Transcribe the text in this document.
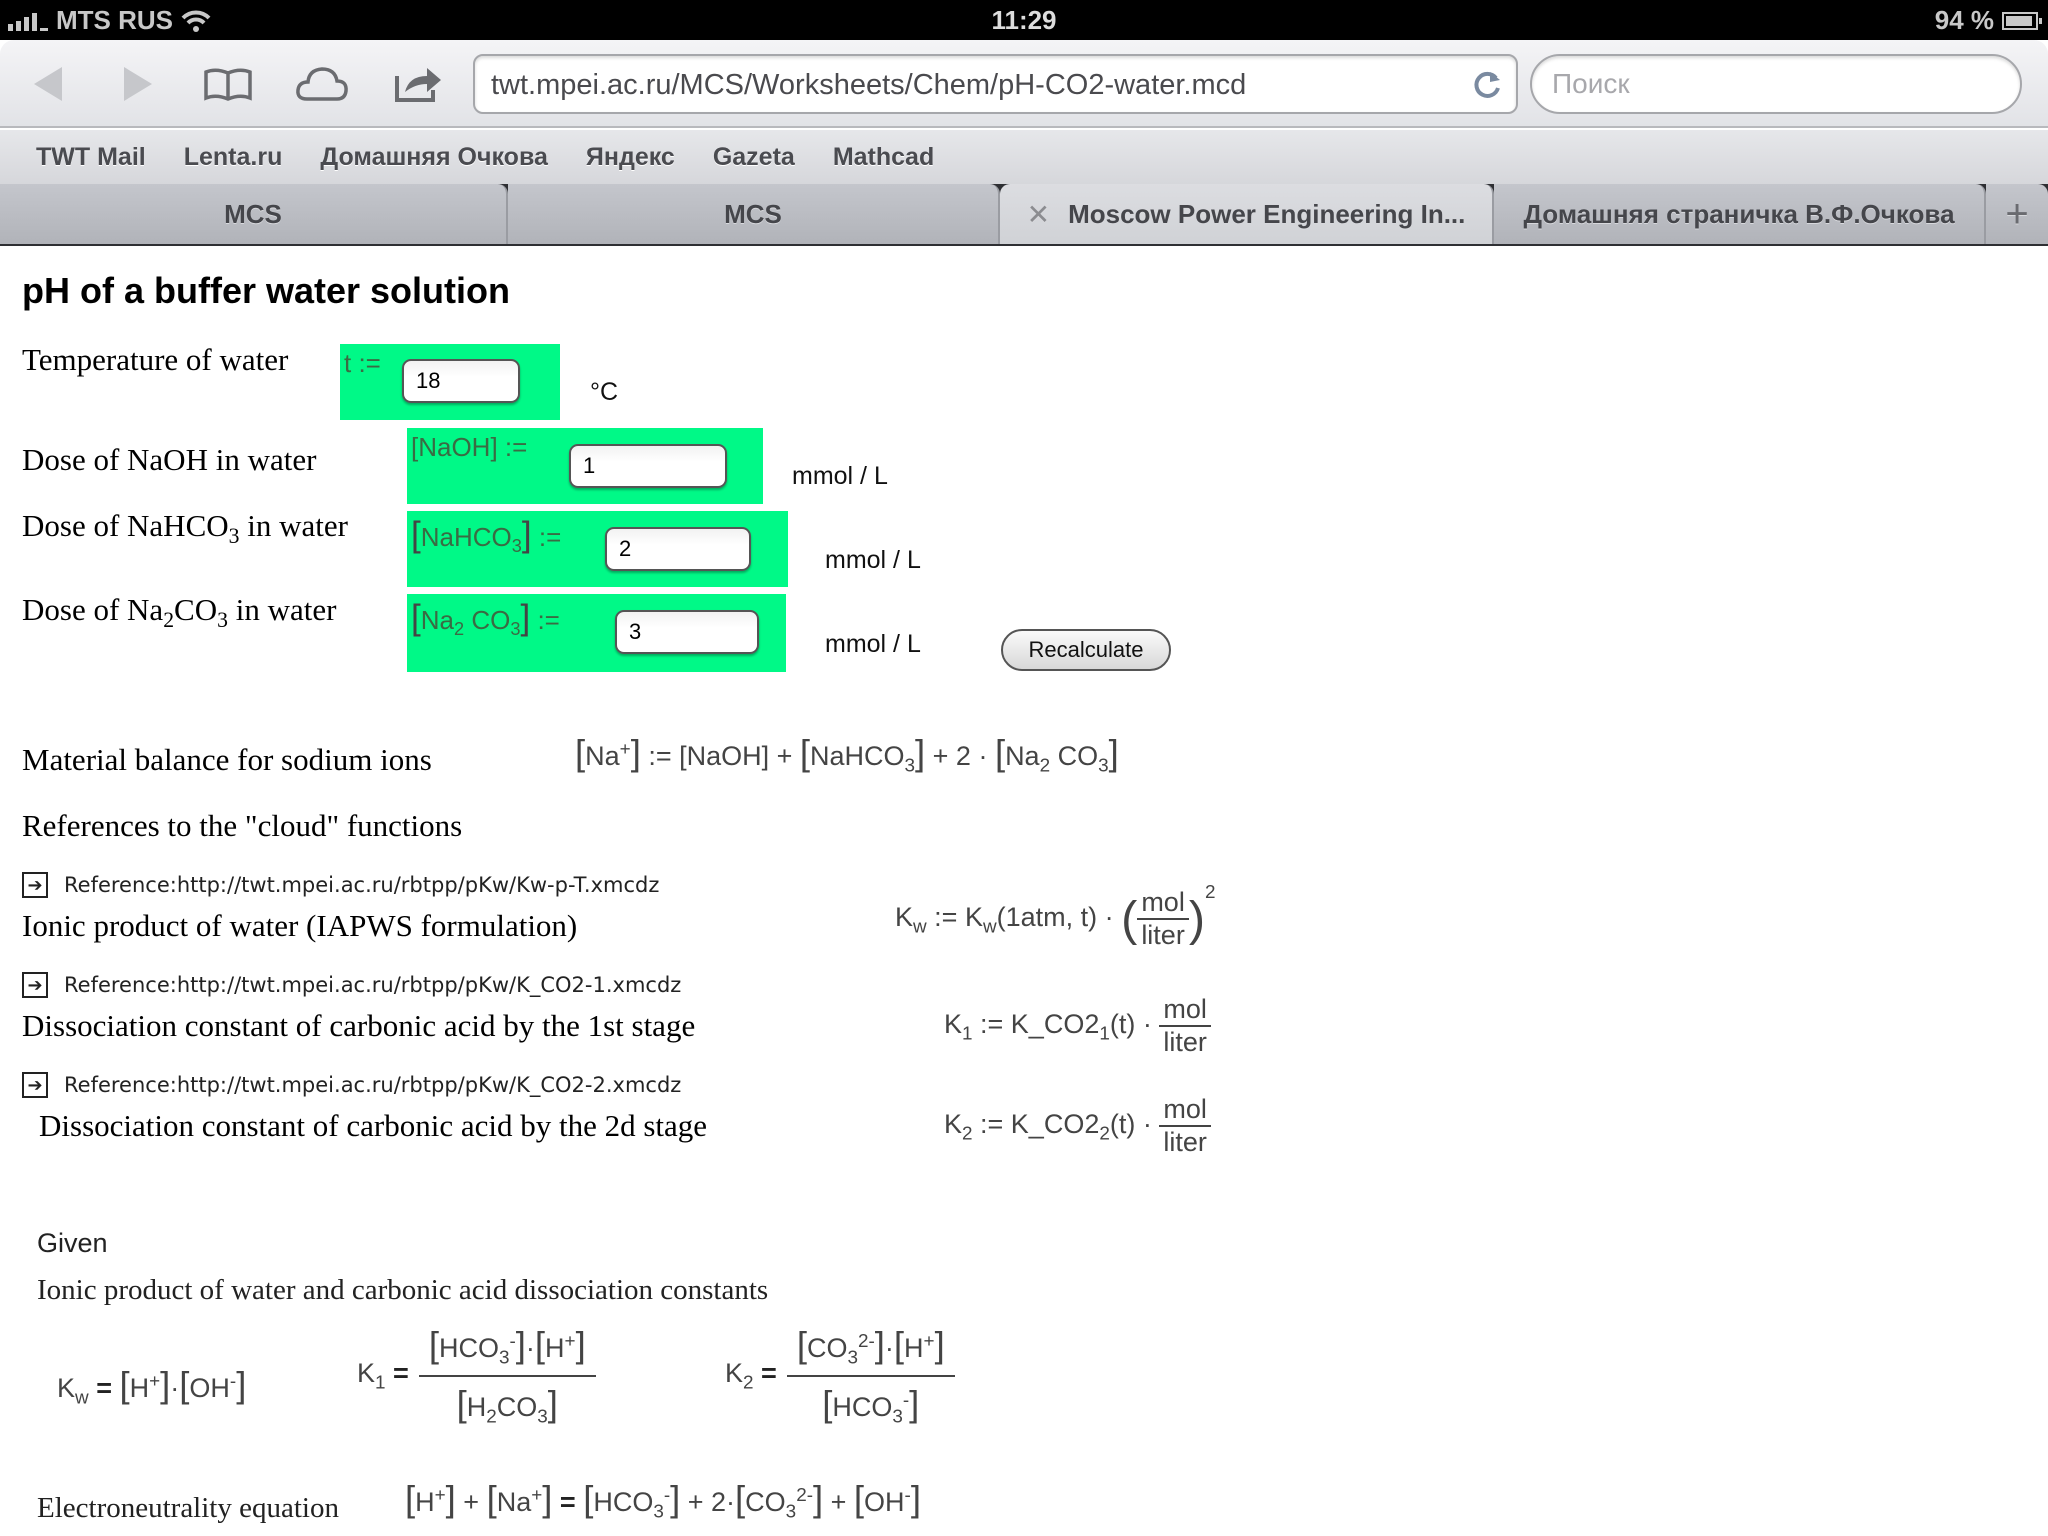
MTS RUS	11:29	94 %
twt.mpei.ac.ru/MCS/Worksheets/Chem/pH-CO2-water.mcd
Поиск
TWT Mail Lenta.ru Домашняя Очкова Яндекс Gazeta Mathcad
MCS	MCS	✕ Moscow Power Engineering In... Домашняя страничка В.Ф.Очкова +
pH of a buffer water solution
Temperature of water t :=
18
°C
Dose of NaOH in water	[NaOH] :=
1
mmol / L
Dose of NaHCO$_3$ in water [NaHCO$_3$] :=
2
mmol / L
Dose of $Na_2CO_3$ in water [$Na_2$ $CO_3$] :=
3
mmol / L	Recalculate
Material balance for sodium ions	[Na+] := [NaOH] + [NaHCO$_3$] + $2 \cdot [Na_2$ $CO_3$]
References to the "cloud" functions
➔ Reference:http://twt.mpei.ac.ru/rbtpp/pKw/Kw-p-T.xmcdz
Ionic product of water (IAPWS formulation)	$K_w$ := $K_w(1atm$, t) · ( $\frac{\text{mol}}{\text{liter}} )^2$
➔ Reference:http://twt.mpei.ac.ru/rbtpp/pKw/K_CO2-1.xmcdz
Dissociation constant of carbonic acid by the 1st stage	$K_1$ := $K\_CO2_1(t) \cdot \frac{\text{mol}}{\text{liter}}$
➔ Reference:http://twt.mpei.ac.ru/rbtpp/pKw/K_CO2-2.xmcdz
Dissociation constant of carbonic acid by the 2d stage	$K_2$ := $K\_CO2_2(t) \cdot \frac{\text{mol}}{\text{liter}}$
Given
Ionic product of water and carbonic acid dissociation constants
$K_w = [H^+]\cdot[OH^-]$	$K_1 = \frac{[HCO_3^-]\cdot[H^+]}{[H_2CO_3]}$	$K_2 = \frac{[CO_3^{2-}]\cdot[H^+]}{[HCO_3^-]}$
Electroneutrality equation $[H^+] + [Na^+] = [HCO_3^-] + 2\cdot[CO_3^{2-}] + [OH^-]$
